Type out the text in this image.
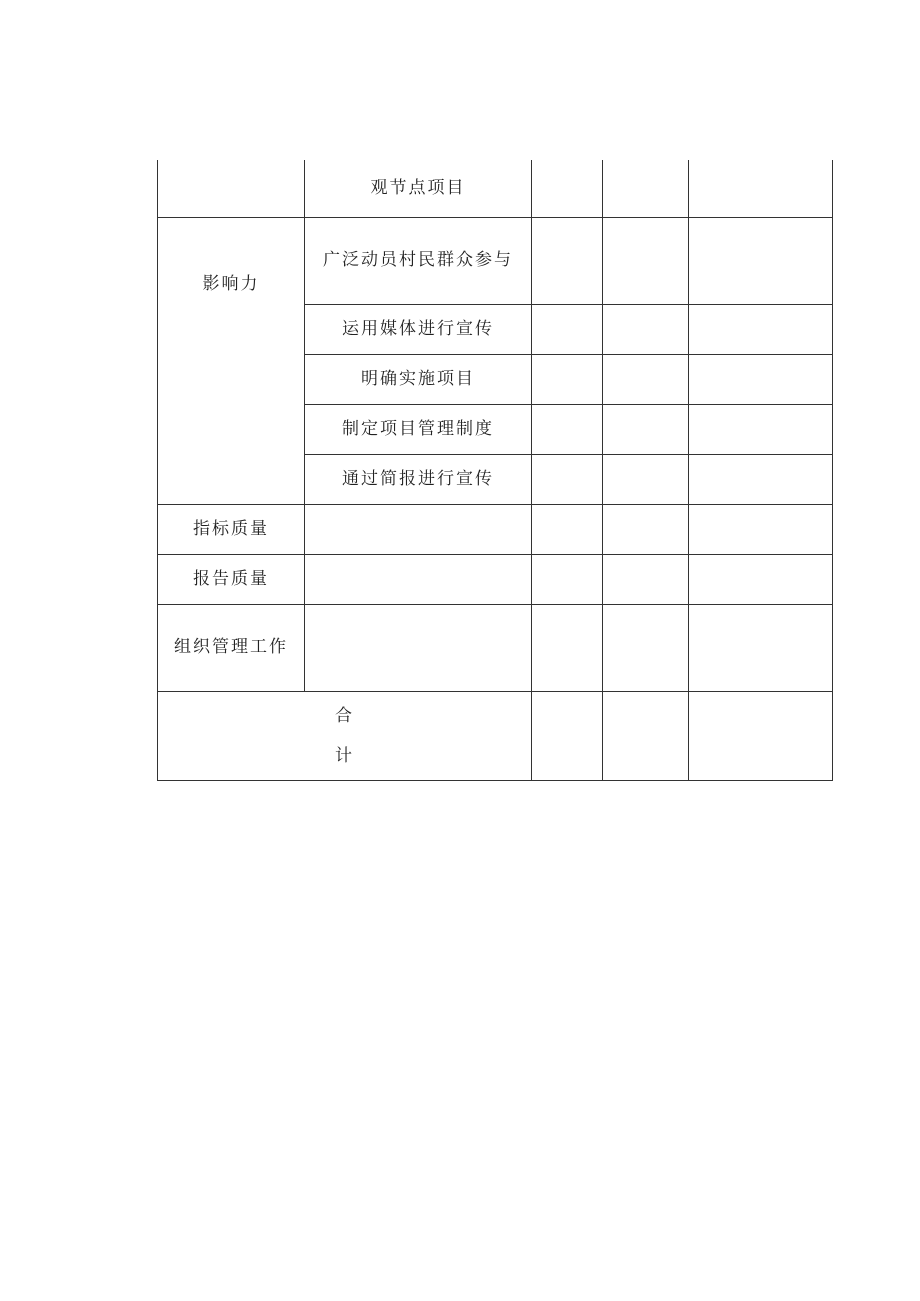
	观节点项目			
影响力	广泛动员村民群众参与			
	运用媒体进行宣传			
	明确实施项目			
	制定项目管理制度			
	通过简报进行宣传			
指标质量				
报告质量				
组织管理工作				

合
计				
